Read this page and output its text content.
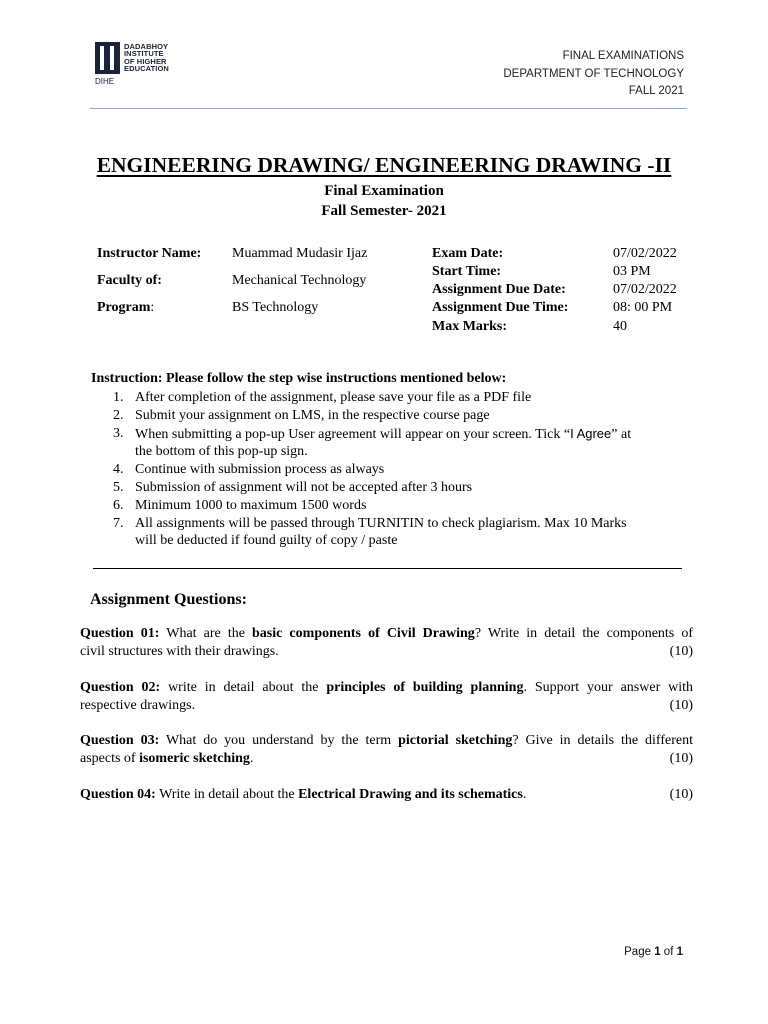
DADABHOY
INSTITUTE
OF HIGHER
EDUCATION
DIHE
FINAL EXAMINATIONS
DEPARTMENT OF TECHNOLOGY
FALL 2021
ENGINEERING DRAWING/ ENGINEERING DRAWING -II
Final Examination
Fall Semester- 2021
Instructor Name: Muammad Mudasir Ijaz
Faculty of:	Mechanical Technology
Program:	BS Technology
Exam Date:	07/02/2022
Start Time:	03 PM
Assignment Due Date:	07/02/2022
Assignment Due Time:	08: 00 PM
Max Marks:	40
Instruction: Please follow the step wise instructions mentioned below:
1. After completion of the assignment, please save your file as a PDF file
2. Submit your assignment on LMS, in the respective course page
3. When submitting a pop-up User agreement will appear on your screen. Tick “I Agree” at
the bottom of this pop-up sign.
4. Continue with submission process as always
5. Submission of assignment will not be accepted after 3 hours
6. Minimum 1000 to maximum 1500 words
7. All assignments will be passed through TURNITIN to check plagiarism. Max 10 Marks
will be deducted if found guilty of copy / paste
Assignment Questions:
Question 01: What are the basic components of Civil Drawing? Write in detail the components of
civil structures with their drawings.	(10)
Question 02: write in detail about the principles of building planning. Support your answer with
respective drawings.	(10)
Question 03: What do you understand by the term pictorial sketching? Give in details the different
aspects of isomeric sketching.	(10)
Question 04: Write in detail about the Electrical Drawing and its schematics.	(10)
Page 1 of 1
